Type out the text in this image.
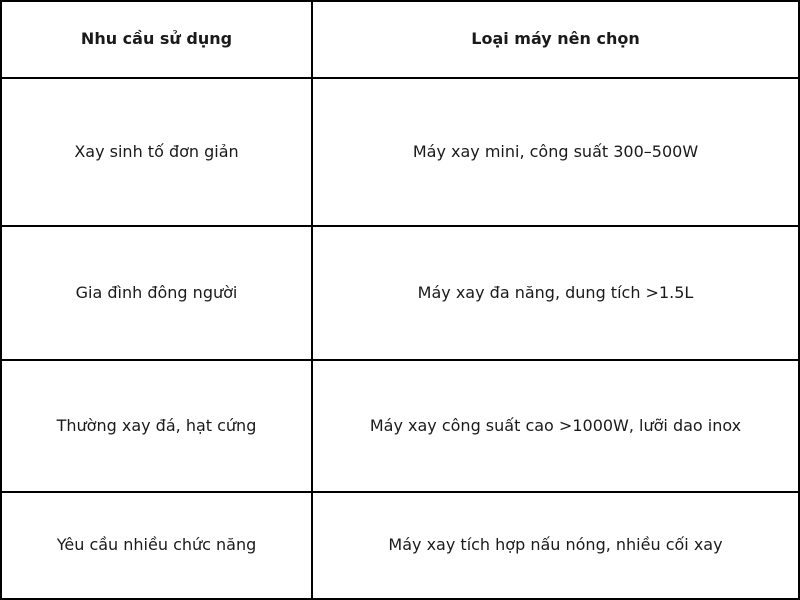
Nhu cầu sử dụng	Loại máy nên chọn
Xay sinh tố đơn giản	Máy xay mini, công suất 300–500W
Gia đình đông người	Máy xay đa năng, dung tích >1.5L
Thường xay đá, hạt cứng	Máy xay công suất cao >1000W, lưỡi dao inox
Yêu cầu nhiều chức năng	Máy xay tích hợp nấu nóng, nhiều cối xay
